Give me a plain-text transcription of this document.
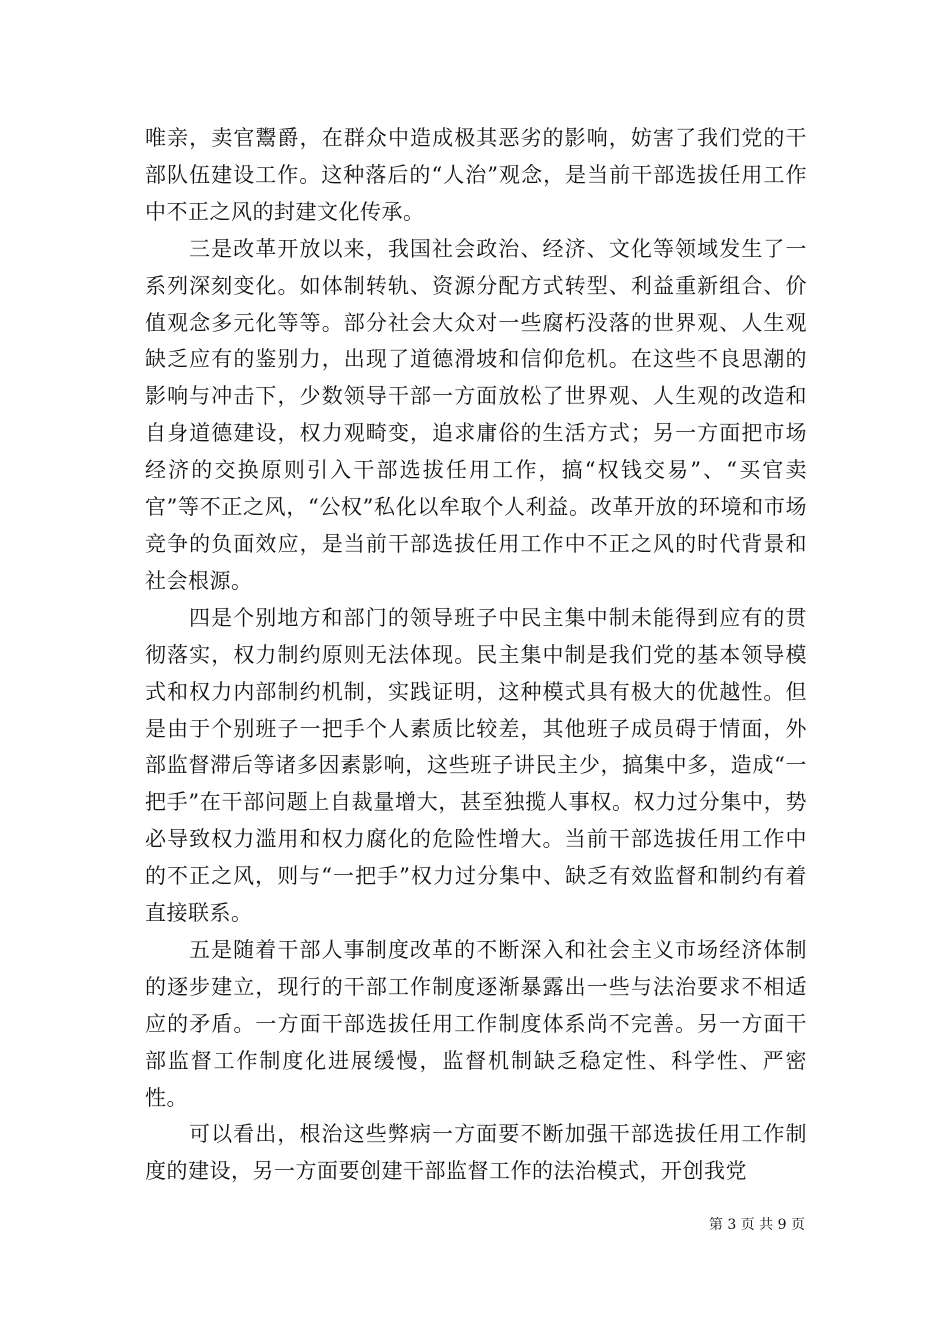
唯亲，卖官鬻爵，在群众中造成极其恶劣的影响，妨害了我们党的干部队伍建设工作。这种落后的“人治”观念，是当前干部选拔任用工作中不正之风的封建文化传承。

三是改革开放以来，我国社会政治、经济、文化等领域发生了一系列深刻变化。如体制转轨、资源分配方式转型、利益重新组合、价值观念多元化等等。部分社会大众对一些腐朽没落的世界观、人生观缺乏应有的鉴别力，出现了道德滑坡和信仰危机。在这些不良思潮的影响与冲击下，少数领导干部一方面放松了世界观、人生观的改造和自身道德建设，权力观畸变，追求庸俗的生活方式；另一方面把市场经济的交换原则引入干部选拔任用工作，搞“权钱交易”、“买官卖官”等不正之风，“公权”私化以牟取个人利益。改革开放的环境和市场竞争的负面效应，是当前干部选拔任用工作中不正之风的时代背景和社会根源。

四是个别地方和部门的领导班子中民主集中制未能得到应有的贯彻落实，权力制约原则无法体现。民主集中制是我们党的基本领导模式和权力内部制约机制，实践证明，这种模式具有极大的优越性。但是由于个别班子一把手个人素质比较差，其他班子成员碍于情面，外部监督滞后等诸多因素影响，这些班子讲民主少，搞集中多，造成“一把手”在干部问题上自裁量增大，甚至独揽人事权。权力过分集中，势必导致权力滥用和权力腐化的危险性增大。当前干部选拔任用工作中的不正之风，则与“一把手”权力过分集中、缺乏有效监督和制约有着直接联系。

五是随着干部人事制度改革的不断深入和社会主义市场经济体制的逐步建立，现行的干部工作制度逐渐暴露出一些与法治要求不相适应的矛盾。一方面干部选拔任用工作制度体系尚不完善。另一方面干部监督工作制度化进展缓慢，监督机制缺乏稳定性、科学性、严密性。

可以看出，根治这些弊病一方面要不断加强干部选拔任用工作制度的建设，另一方面要创建干部监督工作的法治模式，开创我党

第 3 页 共 9 页
